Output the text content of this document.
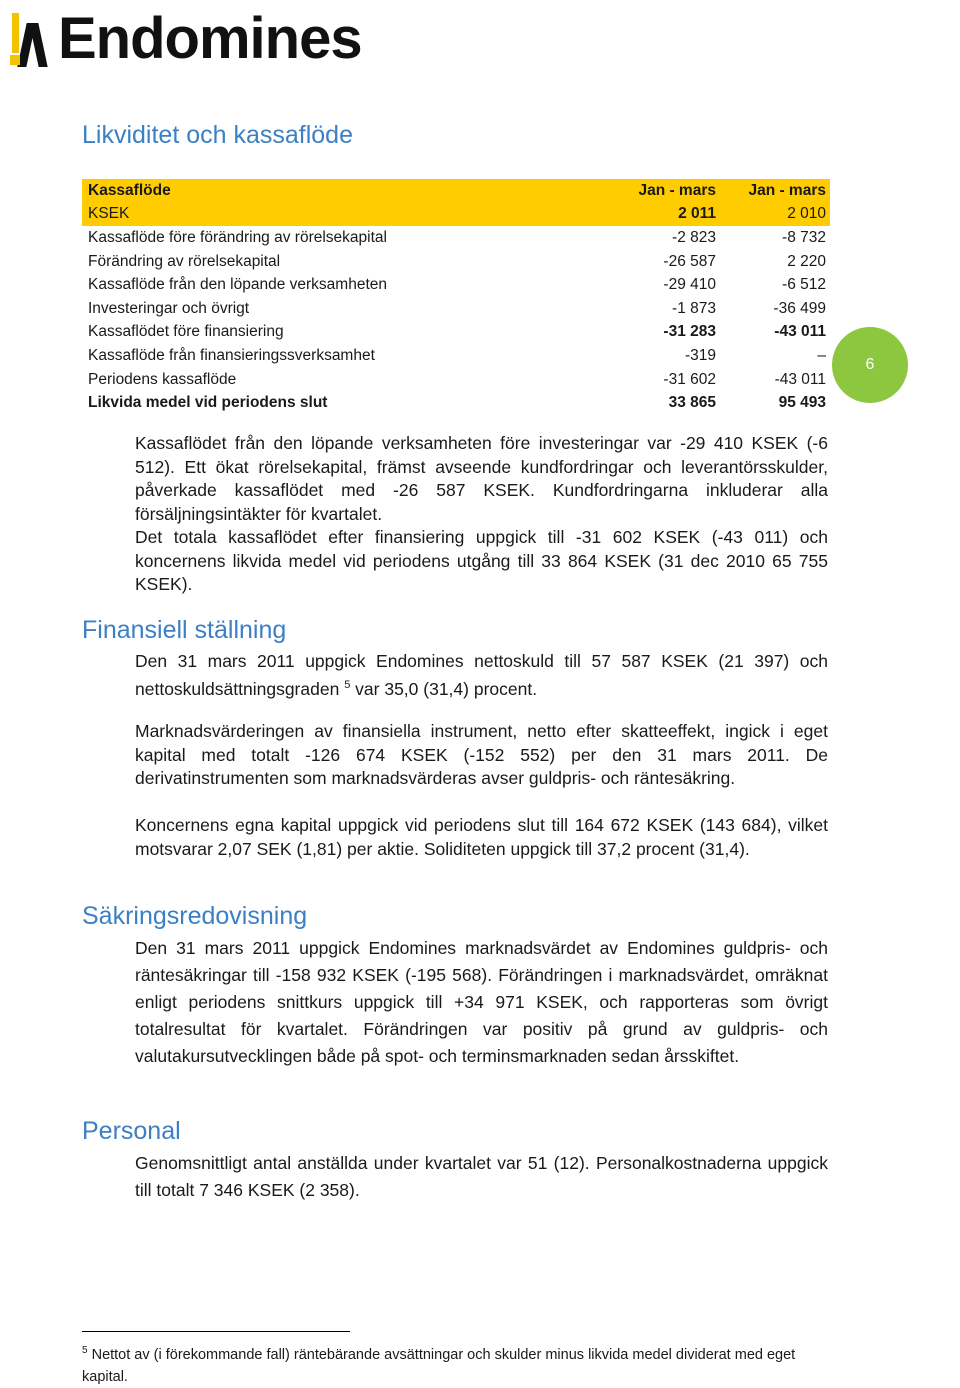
Endomines
Likviditet och kassaflöde
Kassaflöde	Jan - mars	Jan - mars
KSEK	2 011	2 010
Kassaflöde före förändring av rörelsekapital	-2 823	-8 732
Förändring av rörelsekapital	-26 587	2 220
Kassaflöde från den löpande verksamheten	-29 410	-6 512
Investeringar och övrigt	-1 873	-36 499
Kassaflödet före finansiering	-31 283	-43 011
Kassaflöde från finansieringssverksamhet	-319	–
Periodens kassaflöde	-31 602	-43 011
Likvida medel vid periodens slut	33 865	95 493
6

Kassaflödet från den löpande verksamheten före investeringar var -29 410 KSEK (-6 512). Ett ökat rörelsekapital, främst avseende kundfordringar och leverantörsskulder, påverkade kassaflödet med -26 587 KSEK. Kundfordringarna inkluderar alla försäljningsintäkter för kvartalet.

Det totala kassaflödet efter finansiering uppgick till -31 602 KSEK (-43 011) och koncernens likvida medel vid periodens utgång till 33 864 KSEK (31 dec 2010 65 755 KSEK).

Finansiell ställning

Den 31 mars 2011 uppgick Endomines nettoskuld till 57 587 KSEK (21 397) och nettoskuldsättningsgraden $^5$ var 35,0 (31,4) procent.

Marknadsvärderingen av finansiella instrument, netto efter skatteeffekt, ingick i eget kapital med totalt -126 674 KSEK (-152 552) per den 31 mars 2011. De derivatinstrumenten som marknadsvärderas avser guldpris- och räntesäkring.

Koncernens egna kapital uppgick vid periodens slut till 164 672 KSEK (143 684), vilket motsvarar 2,07 SEK (1,81) per aktie. Soliditeten uppgick till 37,2 procent (31,4).

Säkringsredovisning

Den 31 mars 2011 uppgick Endomines marknadsvärdet av Endomines guldpris- och räntesäkringar till -158 932 KSEK (-195 568). Förändringen i marknadsvärdet, omräknat enligt periodens snittkurs uppgick till +34 971 KSEK, och rapporteras som övrigt totalresultat för kvartalet. Förändringen var positiv på grund av guldpris- och valutakursutvecklingen både på spot- och terminsmarknaden sedan årsskiftet.

Personal

Genomsnittligt antal anställda under kvartalet var 51 (12). Personalkostnaderna uppgick till totalt 7 346 KSEK (2 358).

$^5$ Nettot av (i förekommande fall) räntebärande avsättningar och skulder minus likvida medel dividerat med eget kapital.
